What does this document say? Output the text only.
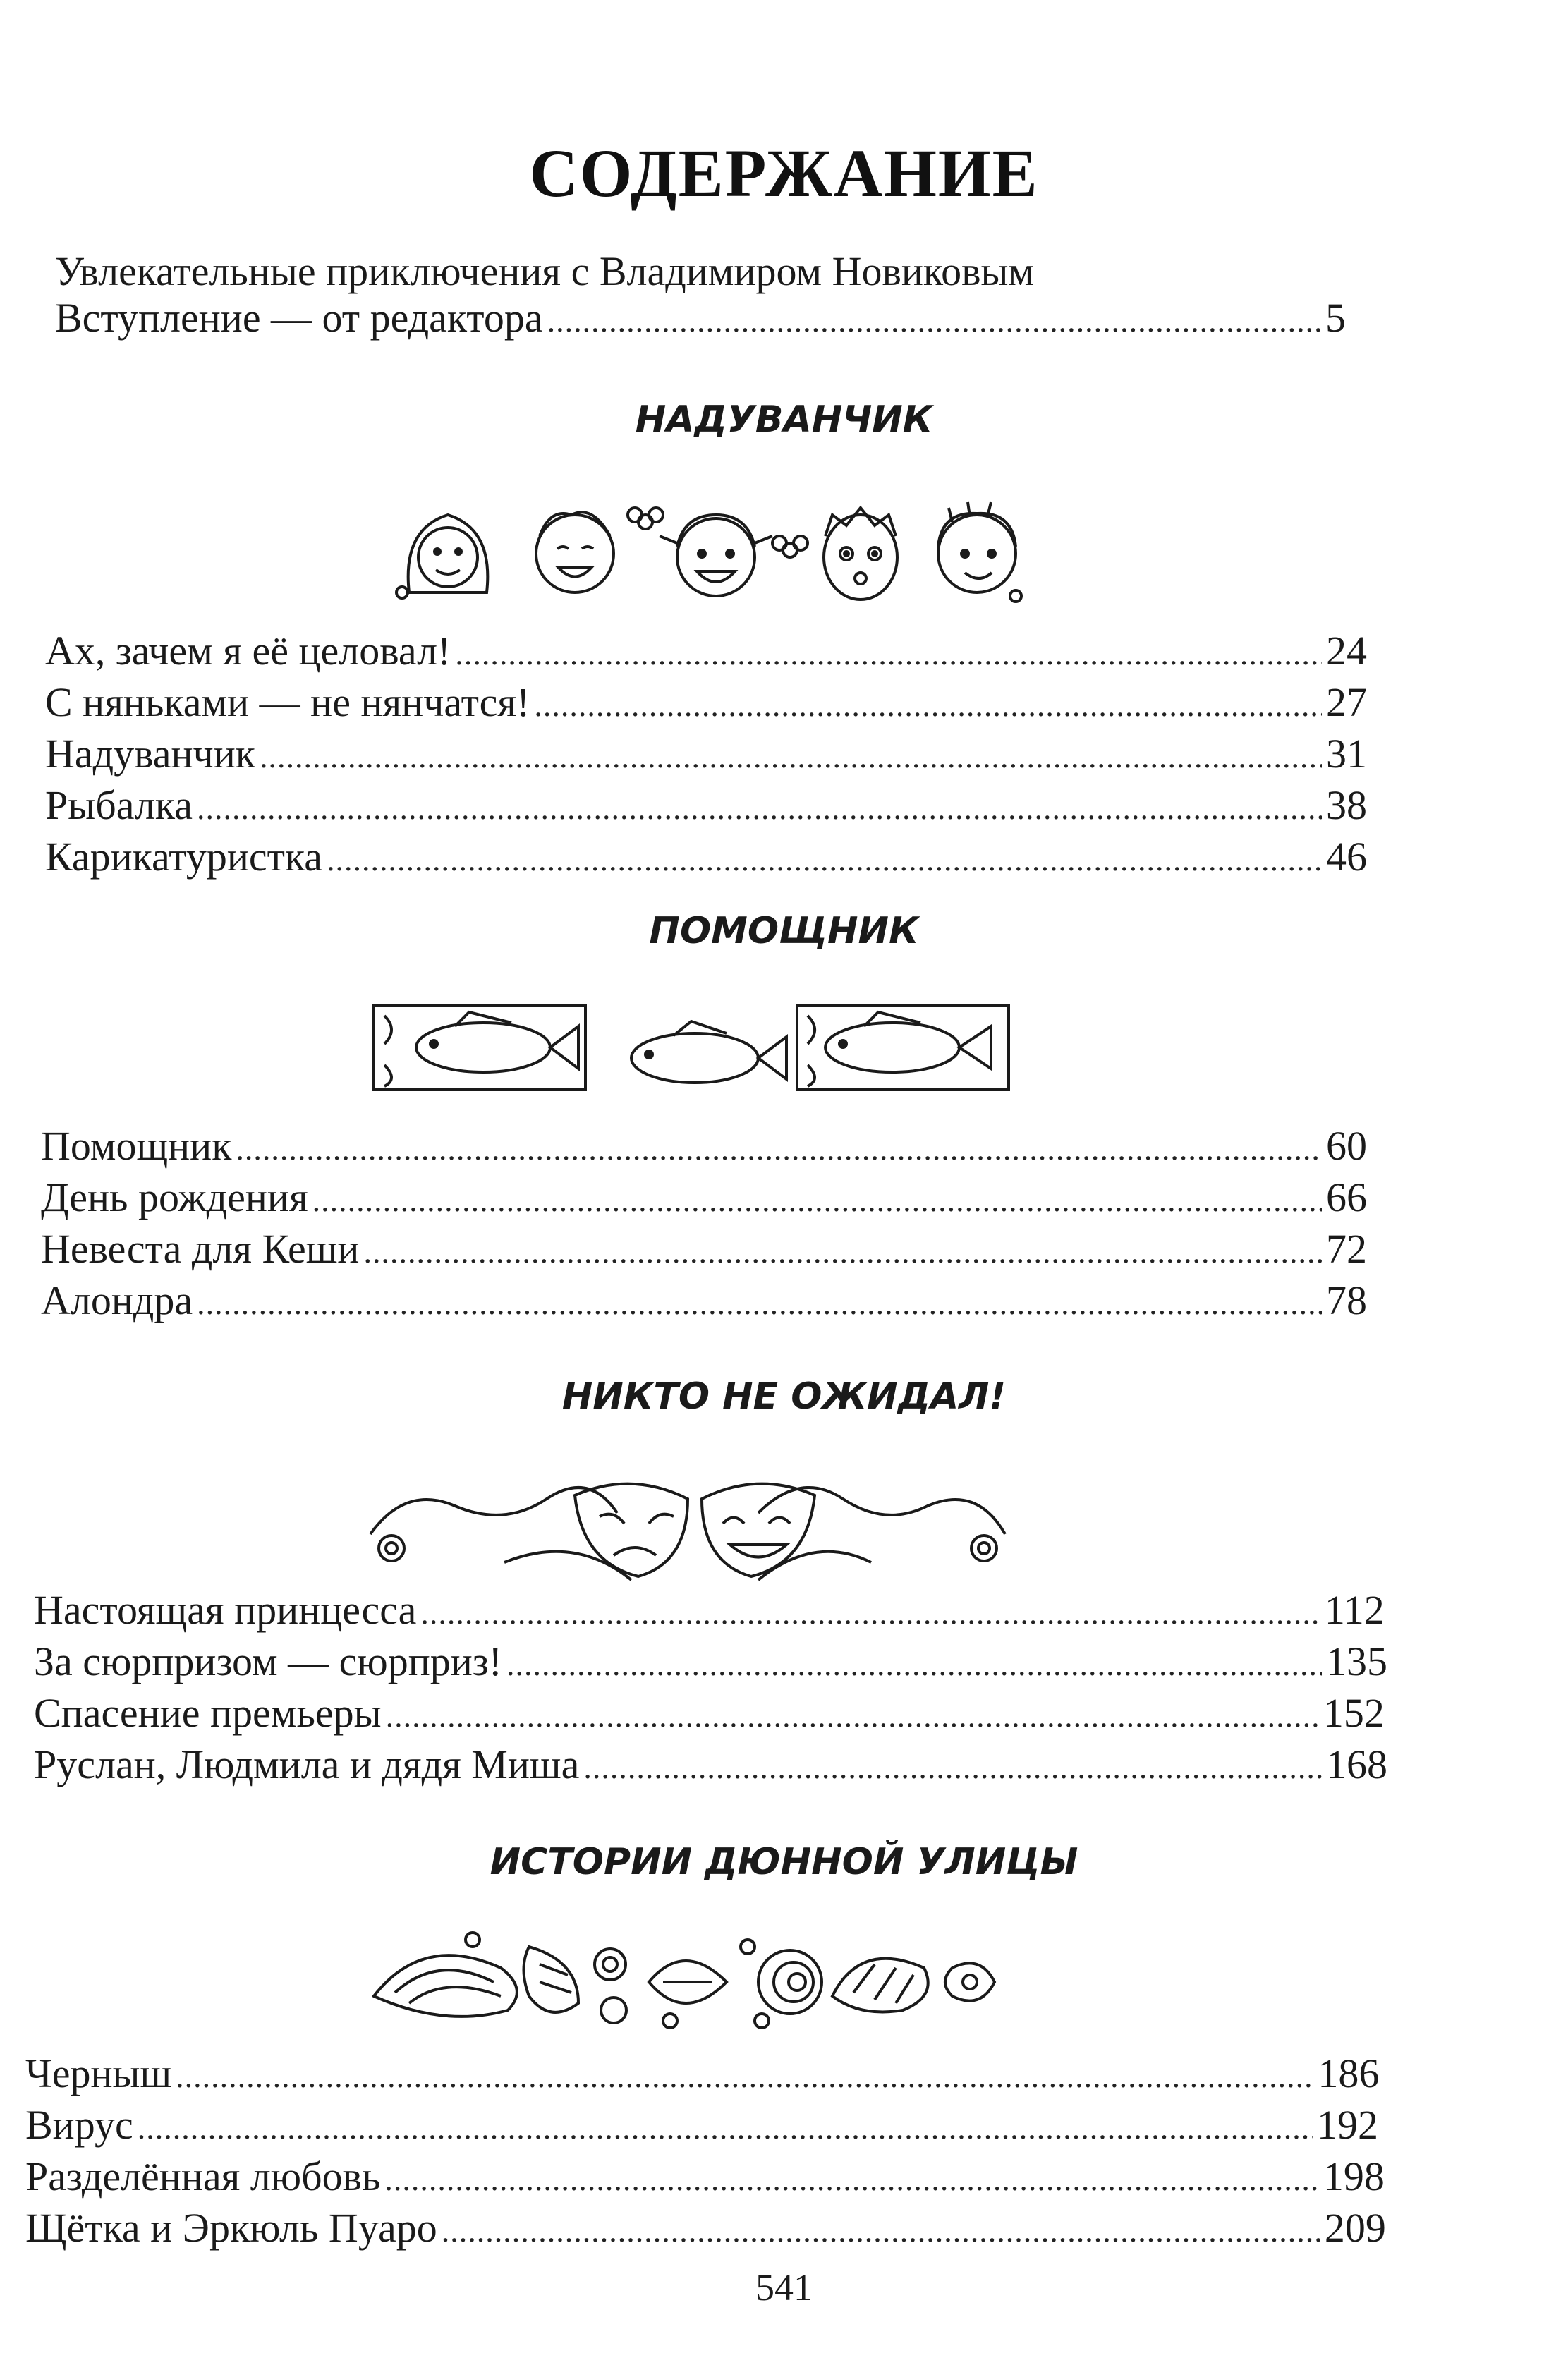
СОДЕРЖАНИЕ
Увлекательные приключения с Владимиром Новиковым
Вступление — от редактора .....	5
НАДУВАНЧИК
Ах, зачем я её целовал! .....	24
С няньками — не нянчатся! .....	27
Надуванчик .....	31
Рыбалка .....	38
Карикатуристка .....	46
ПОМОЩНИК
Помощник .....	60
День рождения .....	66
Невеста для Кеши .....	72
Алондра .....	78
НИКТО НЕ ОЖИДАЛ!
Настоящая принцесса .....	112
За сюрпризом — сюрприз! .....	135
Спасение премьеры .....	152
Руслан, Людмила и дядя Миша .....	168
ИСТОРИИ ДЮННОЙ УЛИЦЫ
Черныш .....	186
Вирус .....	192
Разделённая любовь .....	198
Щётка и Эркюль Пуаро .....	209
541
